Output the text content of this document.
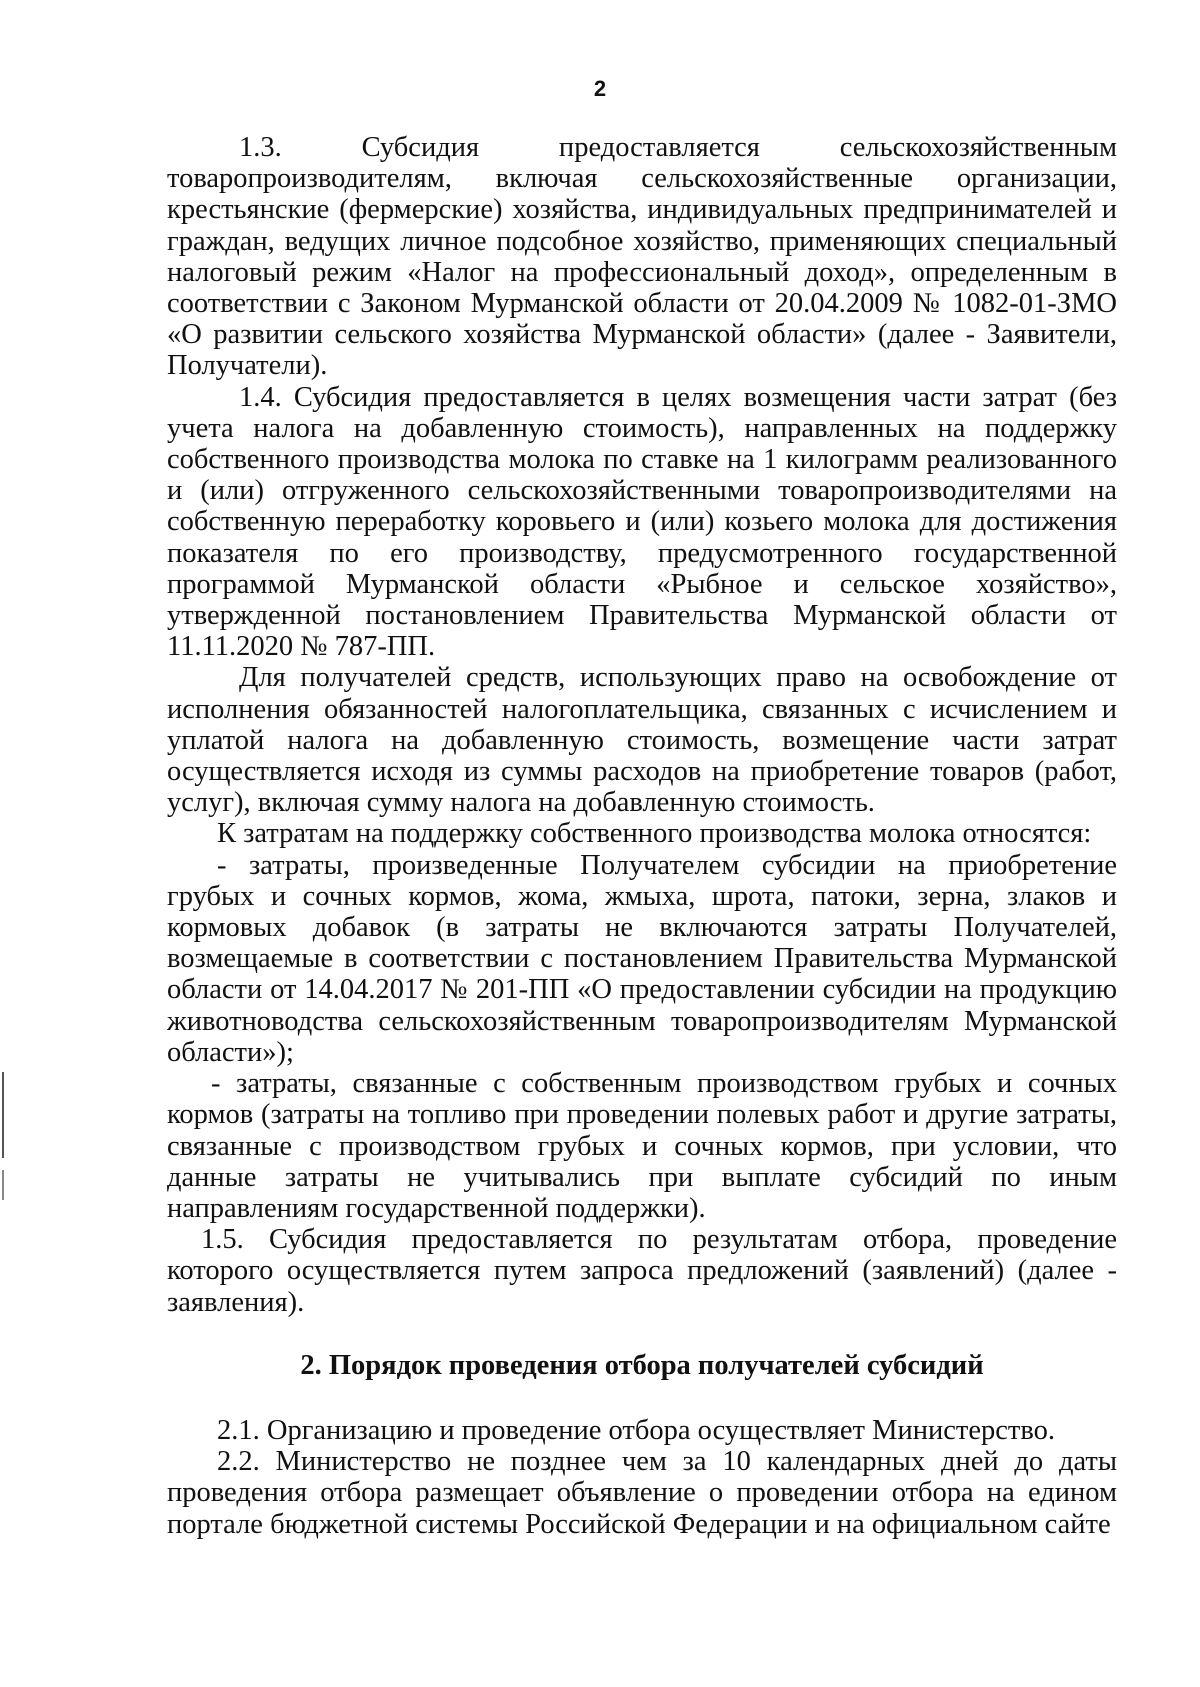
2

1.3. Субсидия предоставляется сельскохозяйственным товаропроизводителям, включая сельскохозяйственные организации, крестьянские (фермерские) хозяйства, индивидуальных предпринимателей и граждан, ведущих личное подсобное хозяйство, применяющих специальный налоговый режим «Налог на профессиональный доход», определенным в соответствии с Законом Мурманской области от 20.04.2009 № 1082-01-ЗМО «О развитии сельского хозяйства Мурманской области» (далее - Заявители, Получатели).

1.4. Субсидия предоставляется в целях возмещения части затрат (без учета налога на добавленную стоимость), направленных на поддержку собственного производства молока по ставке на 1 килограмм реализованного и (или) отгруженного сельскохозяйственными товаропроизводителями на собственную переработку коровьего и (или) козьего молока для достижения показателя по его производству, предусмотренного государственной программой Мурманской области «Рыбное и сельское хозяйство», утвержденной постановлением Правительства Мурманской области от 11.11.2020 № 787-ПП.

Для получателей средств, использующих право на освобождение от исполнения обязанностей налогоплательщика, связанных с исчислением и уплатой налога на добавленную стоимость, возмещение части затрат осуществляется исходя из суммы расходов на приобретение товаров (работ, услуг), включая сумму налога на добавленную стоимость.

К затратам на поддержку собственного производства молока относятся:

- затраты, произведенные Получателем субсидии на приобретение грубых и сочных кормов, жома, жмыха, шрота, патоки, зерна, злаков и кормовых добавок (в затраты не включаются затраты Получателей, возмещаемые в соответствии с постановлением Правительства Мурманской области от 14.04.2017 № 201-ПП «О предоставлении субсидии на продукцию животноводства сельскохозяйственным товаропроизводителям Мурманской области»);

- затраты, связанные с собственным производством грубых и сочных кормов (затраты на топливо при проведении полевых работ и другие затраты, связанные с производством грубых и сочных кормов, при условии, что данные затраты не учитывались при выплате субсидий по иным направлениям государственной поддержки).

1.5. Субсидия предоставляется по результатам отбора, проведение которого осуществляется путем запроса предложений (заявлений) (далее - заявления).

2. Порядок проведения отбора получателей субсидий

2.1. Организацию и проведение отбора осуществляет Министерство.

2.2. Министерство не позднее чем за 10 календарных дней до даты проведения отбора размещает объявление о проведении отбора на едином портале бюджетной системы Российской Федерации и на официальном сайте
